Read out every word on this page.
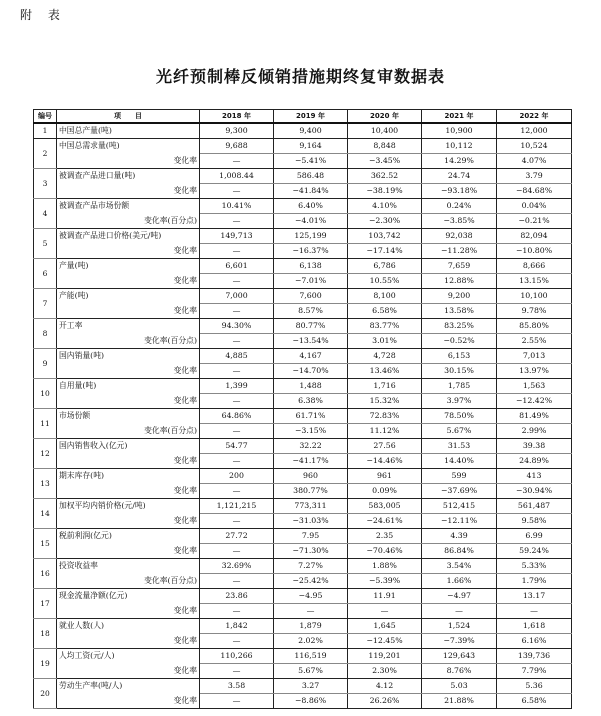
附 表
光纤预制棒反倾销措施期终复审数据表
编号	项　　目	2018 年	2019 年	2020 年	2021 年	2022 年
1	中国总产量(吨)	9,300	9,400	10,400	10,900	12,000
2	中国总需求量(吨)	9,688	9,164	8,848	10,112	10,524
	变化率	—	−5.41%	−3.45%	14.29%	4.07%
3	被调查产品进口量(吨)	1,008.44	586.48	362.52	24.74	3.79
	变化率	—	−41.84%	−38.19%	−93.18%	−84.68%
4	被调查产品市场份额	10.41%	6.40%	4.10%	0.24%	0.04%
	变化率(百分点)	—	−4.01%	−2.30%	−3.85%	−0.21%
5	被调查产品进口价格(美元/吨)	149,713	125,199	103,742	92,038	82,094
	变化率	—	−16.37%	−17.14%	−11.28%	−10.80%
6	产量(吨)	6,601	6,138	6,786	7,659	8,666
	变化率	—	−7.01%	10.55%	12.88%	13.15%
7	产能(吨)	7,000	7,600	8,100	9,200	10,100
	变化率	—	8.57%	6.58%	13.58%	9.78%
8	开工率	94.30%	80.77%	83.77%	83.25%	85.80%
	变化率(百分点)	—	−13.54%	3.01%	−0.52%	2.55%
9	国内销量(吨)	4,885	4,167	4,728	6,153	7,013
	变化率	—	−14.70%	13.46%	30.15%	13.97%
10	自用量(吨)	1,399	1,488	1,716	1,785	1,563
	变化率	—	6.38%	15.32%	3.97%	−12.42%
11	市场份额	64.86%	61.71%	72.83%	78.50%	81.49%
	变化率(百分点)	—	−3.15%	11.12%	5.67%	2.99%
12	国内销售收入(亿元)	54.77	32.22	27.56	31.53	39.38
	变化率	—	−41.17%	−14.46%	14.40%	24.89%
13	期末库存(吨)	200	960	961	599	413
	变化率	—	380.77%	0.09%	−37.69%	−30.94%
14	加权平均内销价格(元/吨)	1,121,215	773,311	583,005	512,415	561,487
	变化率	—	−31.03%	−24.61%	−12.11%	9.58%
15	税前利润(亿元)	27.72	7.95	2.35	4.39	6.99
	变化率	—	−71.30%	−70.46%	86.84%	59.24%
16	投资收益率	32.69%	7.27%	1.88%	3.54%	5.33%
	变化率(百分点)	—	−25.42%	−5.39%	1.66%	1.79%
17	现金流量净额(亿元)	23.86	−4.95	11.91	−4.97	13.17
	变化率	—	—	—	—	—
18	就业人数(人)	1,842	1,879	1,645	1,524	1,618
	变化率	—	2.02%	−12.45%	−7.39%	6.16%
19	人均工资(元/人)	110,266	116,519	119,201	129,643	139,736
	变化率	—	5.67%	2.30%	8.76%	7.79%
20	劳动生产率(吨/人)	3.58	3.27	4.12	5.03	5.36
	变化率	—	−8.86%	26.26%	21.88%	6.58%
